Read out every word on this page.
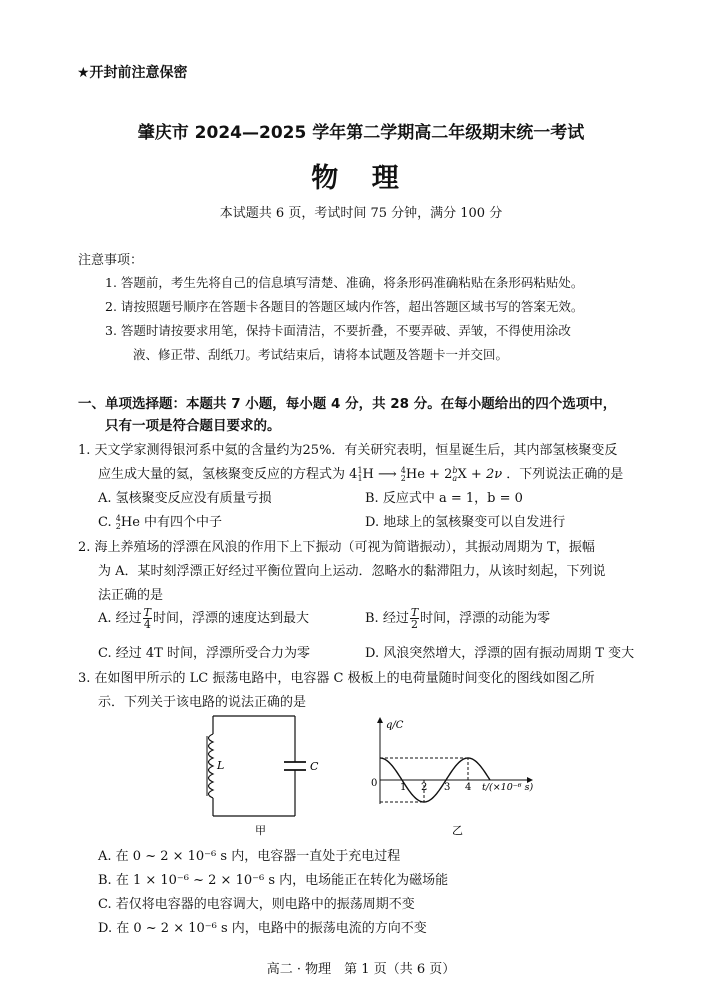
★开封前注意保密
肇庆市 2024—2025 学年第二学期高二年级期末统一考试
物 理
本试题共 6 页，考试时间 75 分钟，满分 100 分
注意事项：
1. 答题前，考生先将自己的信息填写清楚、准确，将条形码准确粘贴在条形码粘贴处。
2. 请按照题号顺序在答题卡各题目的答题区域内作答，超出答题区域书写的答案无效。
3. 答题时请按要求用笔，保持卡面清洁，不要折叠，不要弄破、弄皱，不得使用涂改
液、修正带、刮纸刀。考试结束后，请将本试题及答题卡一并交回。
一、单项选择题：本题共 7 小题，每小题 4 分，共 28 分。在每小题给出的四个选项中，
只有一项是符合题目要求的。
1. 天文学家测得银河系中氦的含量约为25%．有关研究表明，恒星诞生后，其内部氢核聚变反
应生成大量的氦，氢核聚变反应的方程式为 4 1
1 H ⟶ 4
2 He + 2 b
a X + 2ν ．下列说法正确的是
A. 氢核聚变反应没有质量亏损	B. 反应式中 a = 1，b = 0
C. 4
2 He 中有四个中子	D. 地球上的氢核聚变可以自发进行
2. 海上养殖场的浮漂在风浪的作用下上下振动（可视为简谐振动），其振动周期为 T，振幅
为 A．某时刻浮漂正好经过平衡位置向上运动．忽略水的黏滞阻力，从该时刻起，下列说
法正确的是
A. 经过 $\frac{T}{4}$ 时间，浮漂的速度达到最大	B. 经过 $\frac{T}{2}$ 时间，浮漂的动能为零
C. 经过 4T 时间，浮漂所受合力为零	D. 风浪突然增大，浮漂的固有振动周期 T 变大
3. 在如图甲所示的 LC 振荡电路中，电容器 C 极板上的电荷量随时间变化的图线如图乙所
示．下列关于该电路的说法正确的是
L	C
甲
q/C
0 1 2 3 4 t/(×10⁻⁶ s)
乙
A. 在 0 ~ 2 × 10⁻⁶ s 内，电容器一直处于充电过程
B. 在 1 × 10⁻⁶ ~ 2 × 10⁻⁶ s 内，电场能正在转化为磁场能
C. 若仅将电容器的电容调大，则电路中的振荡周期不变
D. 在 0 ~ 2 × 10⁻⁶ s 内，电路中的振荡电流的方向不变
高二 · 物理　第 1 页（共 6 页）
